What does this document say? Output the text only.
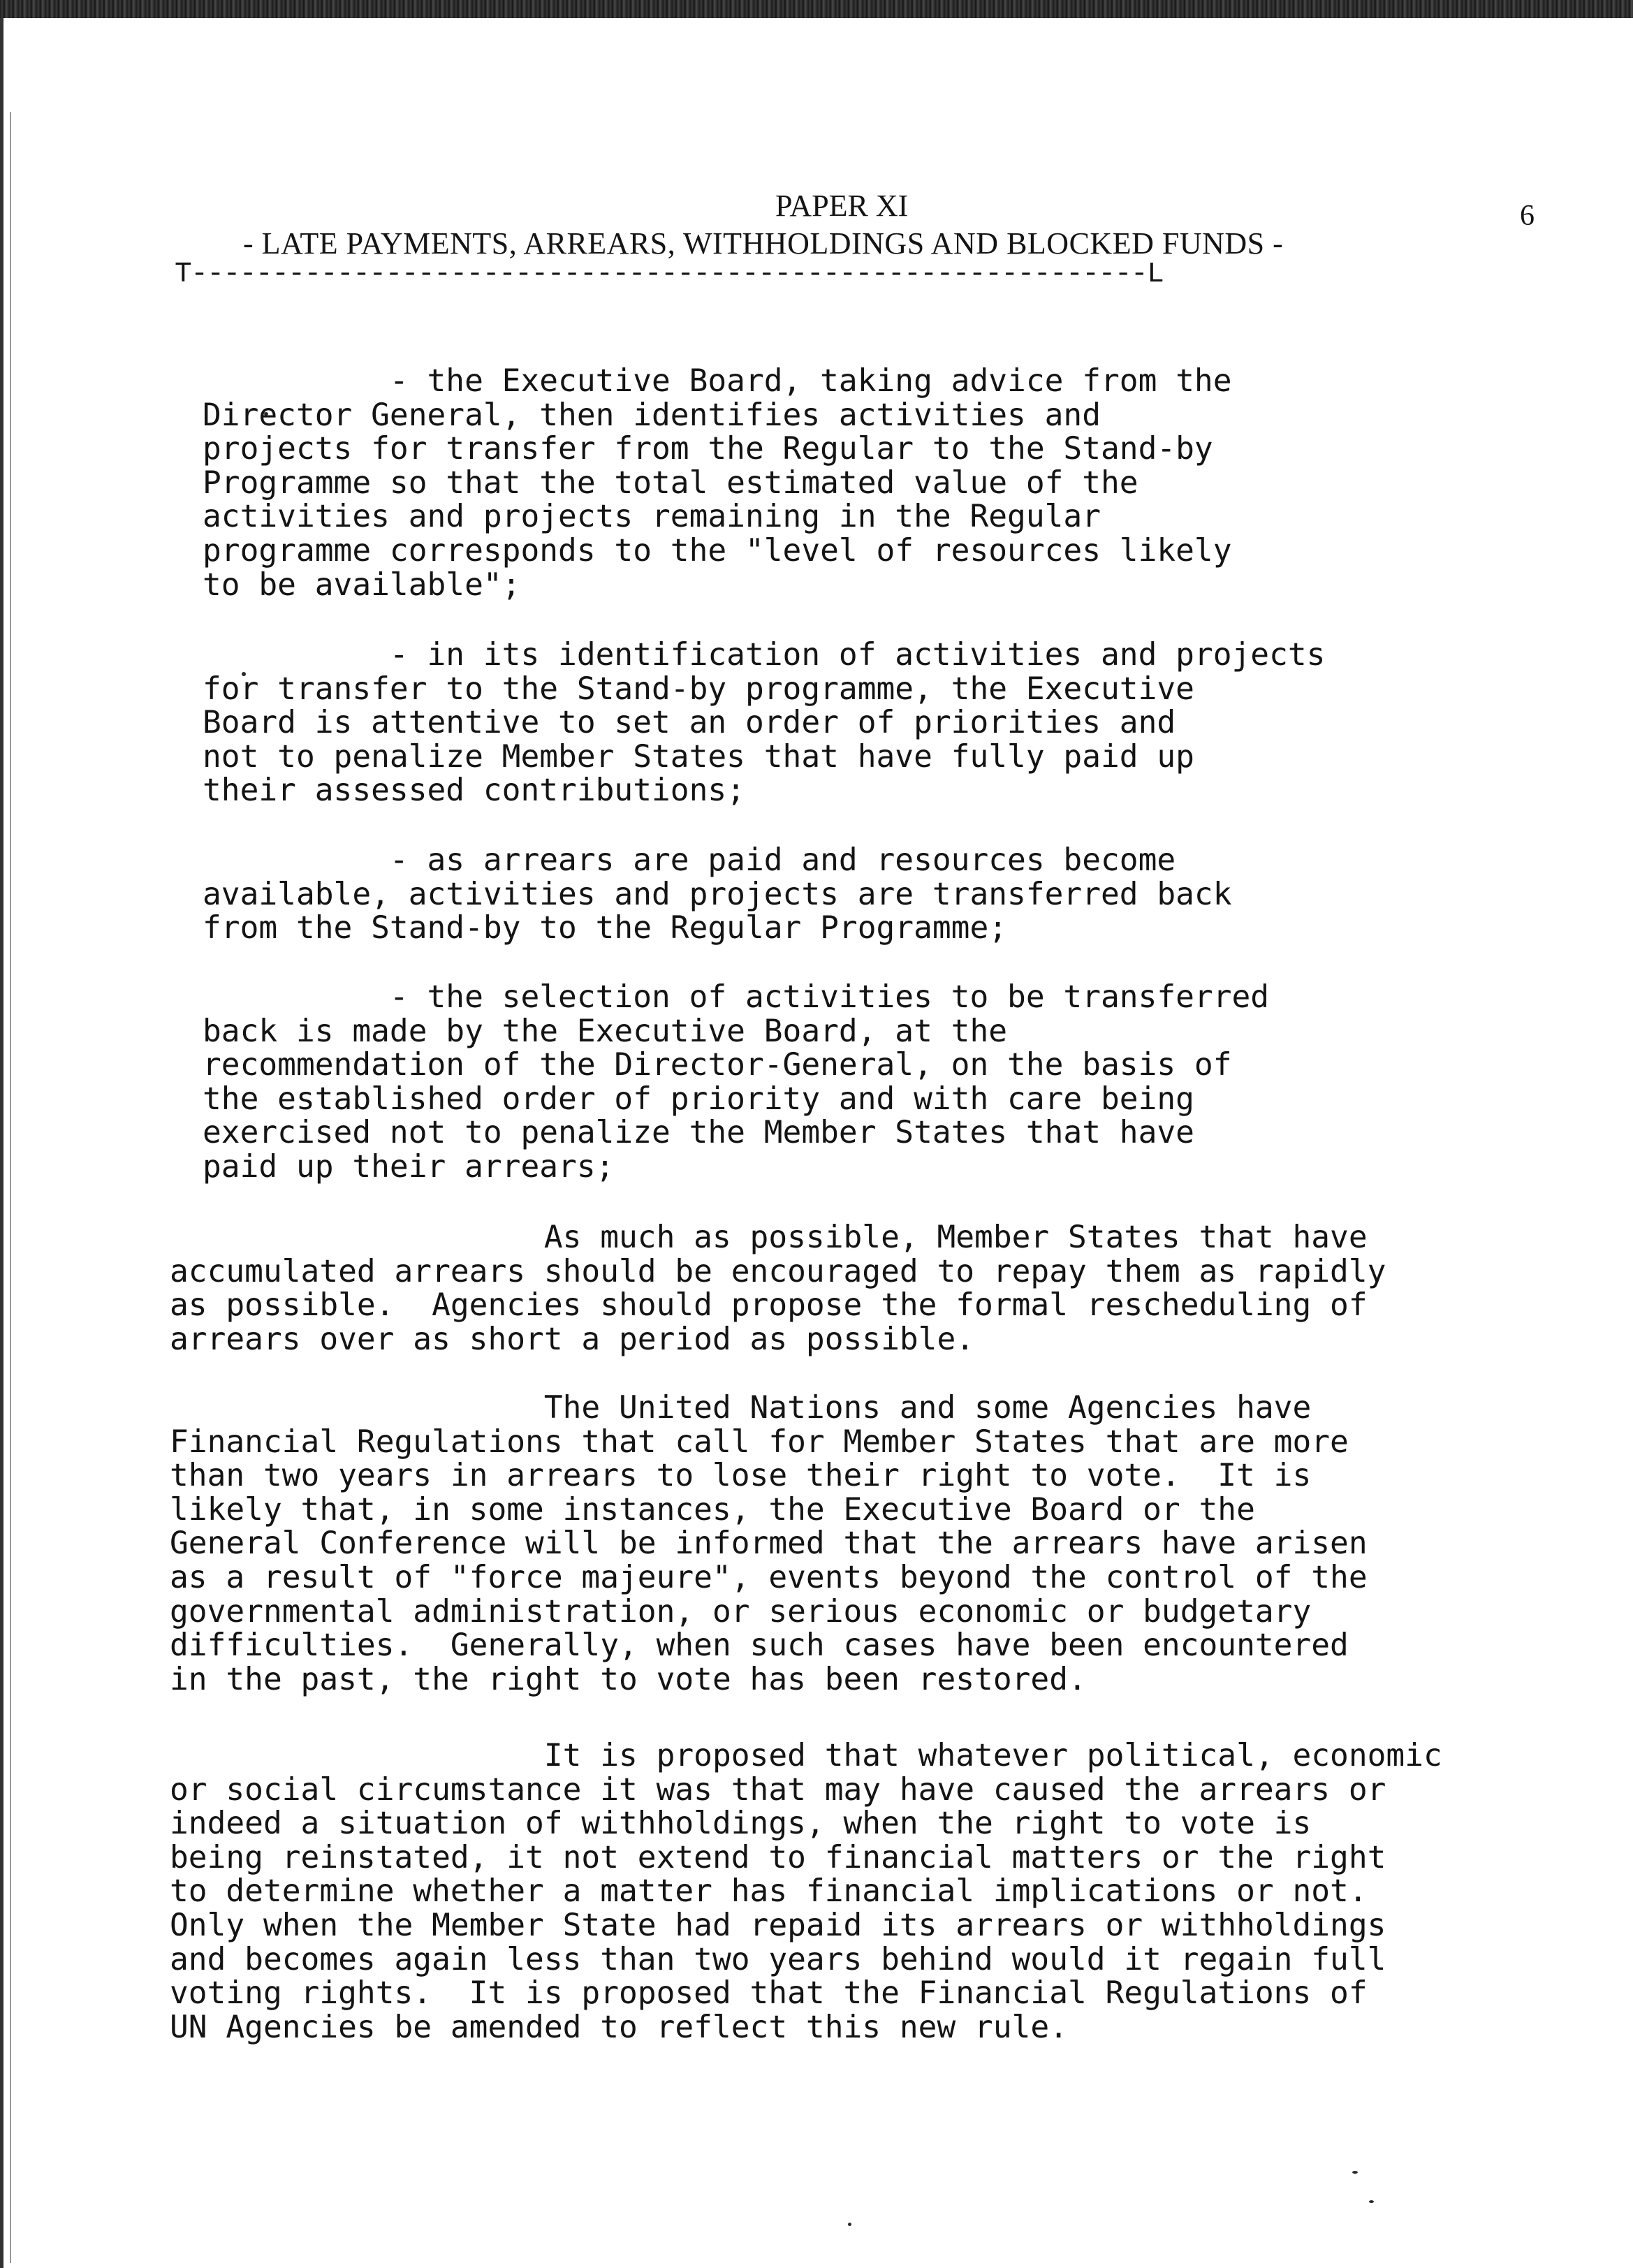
PAPER XI	6
- LATE PAYMENTS, ARREARS, WITHHOLDINGS AND BLOCKED FUNDS -
T-----------------------------------------------------------L
- the Executive Board, taking advice from the
Director General, then identifies activities and
projects for transfer from the Regular to the Stand-by
Programme so that the total estimated value of the
activities and projects remaining in the Regular
programme corresponds to the "level of resources likely
to be available";
- in its identification of activities and projects
for transfer to the Stand-by programme, the Executive
Board is attentive to set an order of priorities and
not to penalize Member States that have fully paid up
their assessed contributions;
- as arrears are paid and resources become
available, activities and projects are transferred back
from the Stand-by to the Regular Programme;
- the selection of activities to be transferred
back is made by the Executive Board, at the
recommendation of the Director-General, on the basis of
the established order of priority and with care being
exercised not to penalize the Member States that have
paid up their arrears;
As much as possible, Member States that have
accumulated arrears should be encouraged to repay them as rapidly
as possible.  Agencies should propose the formal rescheduling of
arrears over as short a period as possible.
The United Nations and some Agencies have
Financial Regulations that call for Member States that are more
than two years in arrears to lose their right to vote.  It is
likely that, in some instances, the Executive Board or the
General Conference will be informed that the arrears have arisen
as a result of "force majeure", events beyond the control of the
governmental administration, or serious economic or budgetary
difficulties.  Generally, when such cases have been encountered
in the past, the right to vote has been restored.
It is proposed that whatever political, economic
or social circumstance it was that may have caused the arrears or
indeed a situation of withholdings, when the right to vote is
being reinstated, it not extend to financial matters or the right
to determine whether a matter has financial implications or not.
Only when the Member State had repaid its arrears or withholdings
and becomes again less than two years behind would it regain full
voting rights.  It is proposed that the Financial Regulations of
UN Agencies be amended to reflect this new rule.
